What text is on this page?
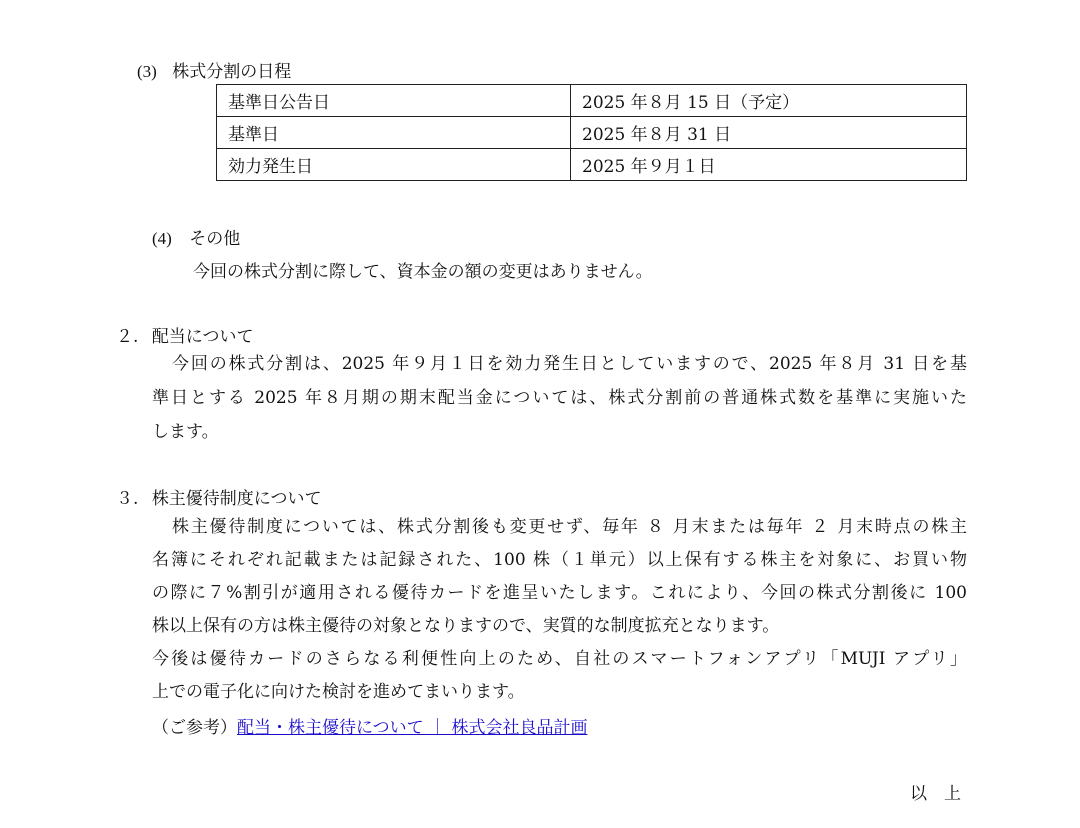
(3) 株式分割の日程
基準日公告日	2025 年８月 15 日（予定）
基準日	2025 年８月 31 日
効力発生日	2025 年９月１日
(4) その他
今回の株式分割に際して、資本金の額の変更はありません。
２. 配当について
今回の株式分割は、2025 年９月１日を効力発生日としていますので、2025 年８月 31 日を基
準日とする 2025 年８月期の期末配当金については、株式分割前の普通株式数を基準に実施いた
します。
３. 株主優待制度について
株主優待制度については、株式分割後も変更せず、毎年 ８ 月末または毎年 ２ 月末時点の株主
名簿にそれぞれ記載または記録された、100 株（１単元）以上保有する株主を対象に、お買い物
の際に７%割引が適用される優待カードを進呈いたします。これにより、今回の株式分割後に 100
株以上保有の方は株主優待の対象となりますので、実質的な制度拡充となります。
今後は優待カードのさらなる利便性向上のため、自社のスマートフォンアプリ「MUJI アプリ」
上での電子化に向けた検討を進めてまいります。
（ご参考）配当・株主優待について ｜ 株式会社良品計画
以　上
